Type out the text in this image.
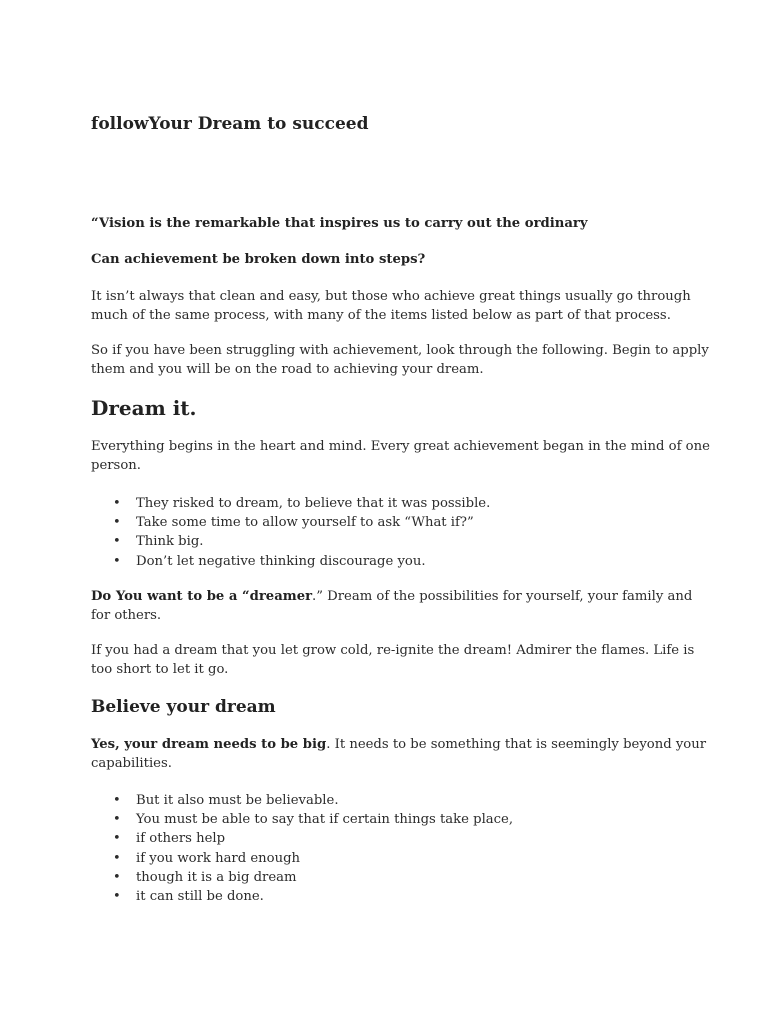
followYour Dream to succeed

“Vision is the remarkable that inspires us to carry out the ordinary

Can achievement be broken down into steps?

It isn’t always that clean and easy, but those who achieve great things usually go through
much of the same process, with many of the items listed below as part of that process.
So if you have been struggling with achievement, look through the following. Begin to apply
them and you will be on the road to achieving your dream.
Dream it.
Everything begins in the heart and mind. Every great achievement began in the mind of one
person.
• They risked to dream, to believe that it was possible.
• Take some time to allow yourself to ask “What if?”
• Think big.
• Don’t let negative thinking discourage you.
Do You want to be a “dreamer.” Dream of the possibilities for yourself, your family and
for others.
If you had a dream that you let grow cold, re-ignite the dream! Admirer the flames. Life is
too short to let it go.
Believe your dream
Yes, your dream needs to be big. It needs to be something that is seemingly beyond your
capabilities.
• But it also must be believable.
• You must be able to say that if certain things take place,
• if others help
• if you work hard enough
• though it is a big dream
• it can still be done.
